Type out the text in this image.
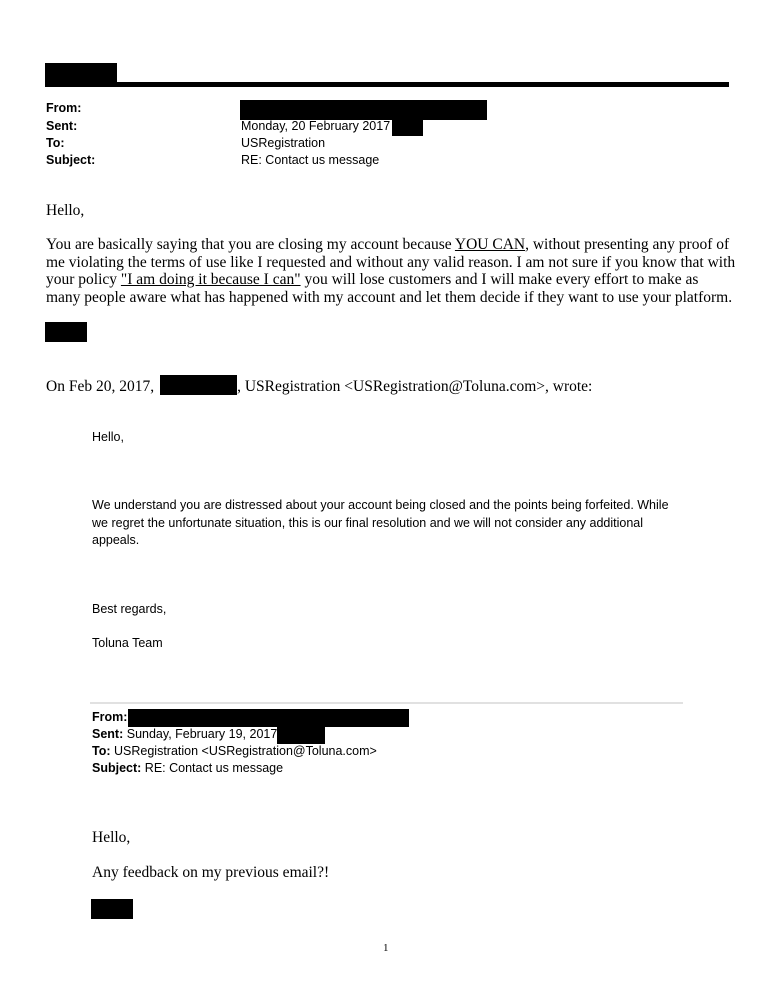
From:
Sent:	Monday, 20 February 2017
To:	USRegistration
Subject:	RE: Contact us message
Hello,
You are basically saying that you are closing my account because YOU CAN, without presenting any proof of me violating the terms of use like I requested and without any valid reason. I am not sure if you know that with your policy "I am doing it because I can" you will lose customers and I will make every effort to make as many people aware what has happened with my account and let them decide if they want to use your platform.
On Feb 20, 2017,	, USRegistration <USRegistration@Toluna.com>, wrote:
Hello,
We understand you are distressed about your account being closed and the points being forfeited. While we regret the unfortunate situation, this is our final resolution and we will not consider any additional appeals.
Best regards,
Toluna Team
From:
Sent: Sunday, February 19, 2017
To: USRegistration <USRegistration@Toluna.com>
Subject: RE: Contact us message
Hello,
Any feedback on my previous email?!
1
